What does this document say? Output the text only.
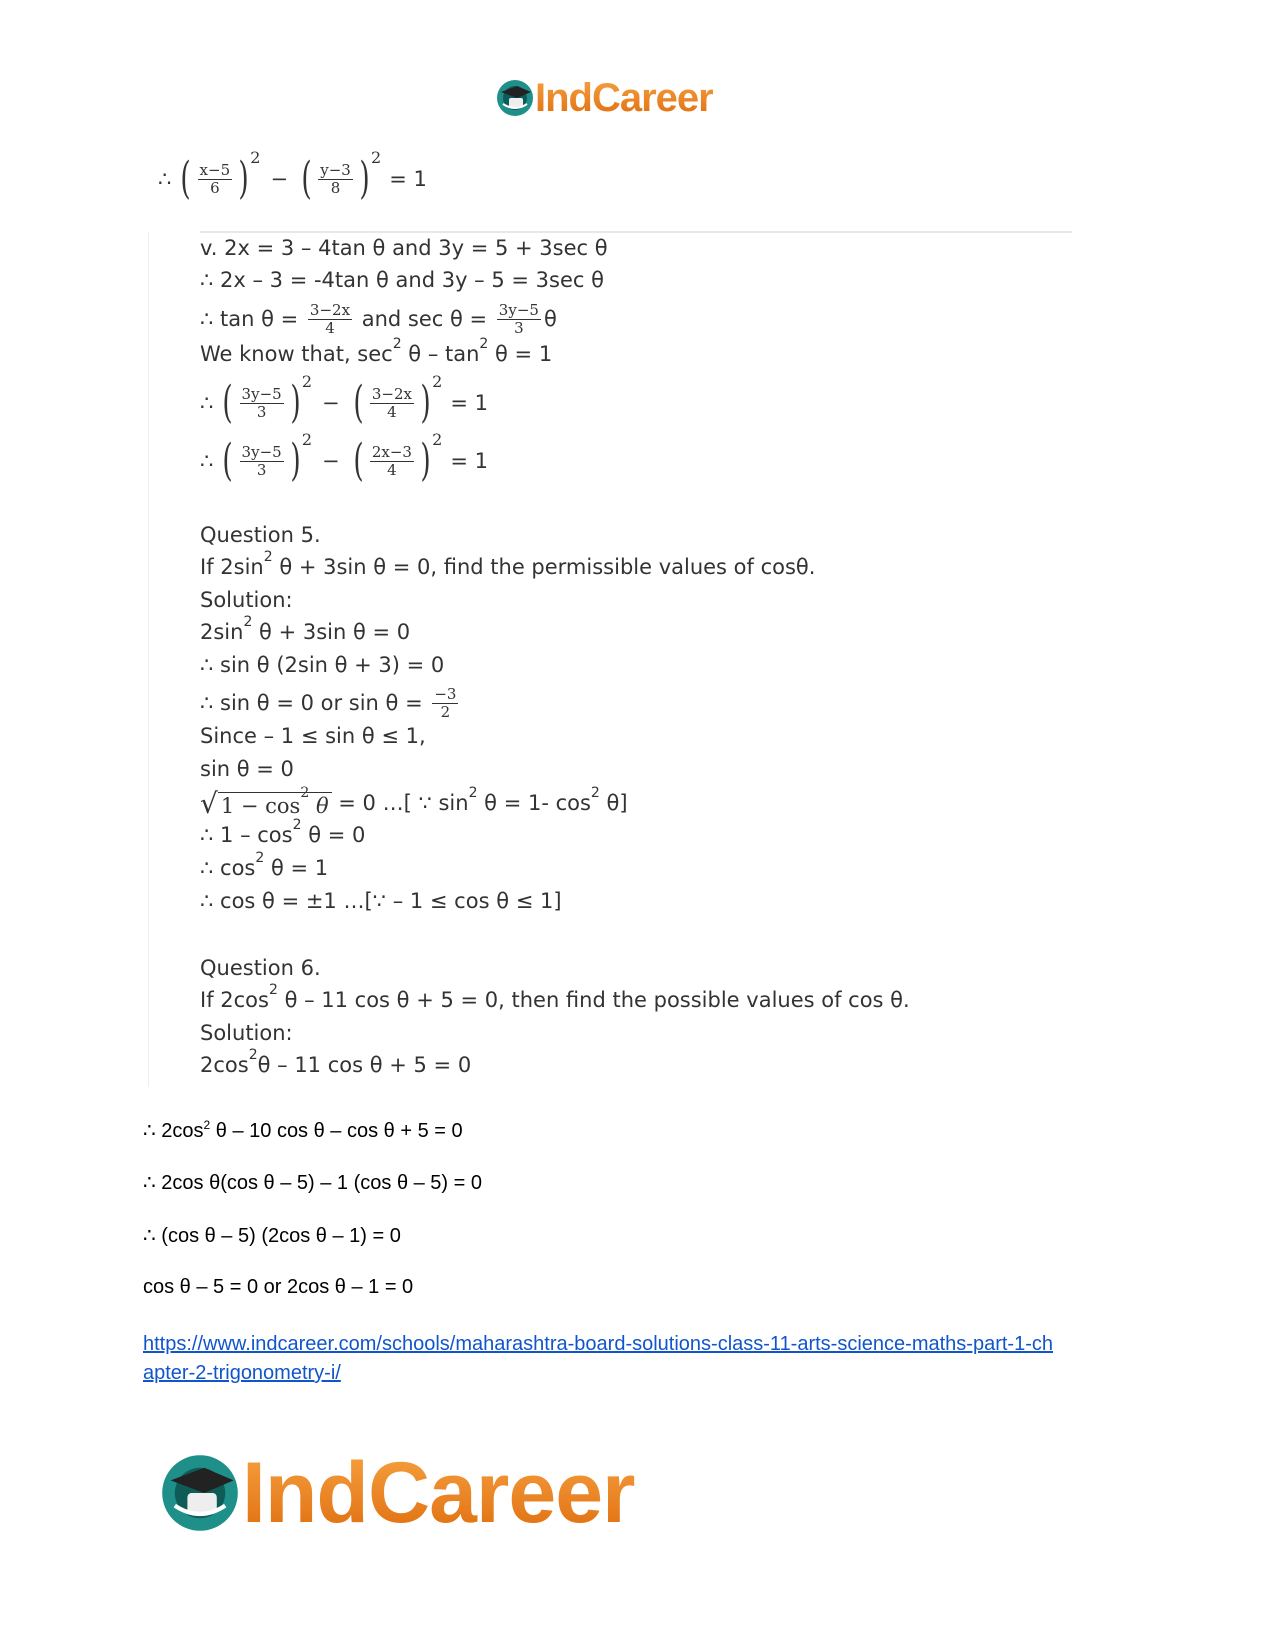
IndCareer
∴ ( $\frac{x-5}{6}$ ) 2
− ( $\frac{y-3}{8}$ ) 2
= 1
v. 2x = 3 – 4tan θ and 3y = 5 + 3sec θ
∴ 2x – 3 = -4tan θ and 3y – 5 = 3sec θ
∴ $\tan \theta = \frac{3-2x}{4}$ and $\sec \theta = \frac{3y-5}{3}$ θ
We know that, sec 2 θ – tan 2 θ = 1
∴ ( $\frac{3y-5}{3}$ ) 2
− ( $\frac{3-2x}{4}$ ) 2
= 1
∴ ( $\frac{3y-5}{3}$ ) 2
− ( $\frac{2x-3}{4}$ ) 2
= 1
Question 5.
If 2sin 2 θ + 3sin θ = 0, find the permissible values of cosθ.
Solution:
2sin 2 θ + 3sin θ = 0
∴ sin θ (2sin θ + 3) = 0
∴ sin θ = 0 or $\sin \theta = \frac{-3}{2}$
Since – 1 ≤ sin θ ≤ 1,
sin θ = 0
√ $1 - \cos^2 \theta = 0$ …[ ∵ sin 2 θ = 1- cos 2 θ]
∴ 1 – cos 2 θ = 0
∴ cos 2 θ = 1
∴ cos θ = ±1 …[∵ – 1 ≤ cos θ ≤ 1]
Question 6.
If 2cos 2 θ – 11 cos θ + 5 = 0, then find the possible values of cos θ.
Solution:
2cos 2 θ – 11 cos θ + 5 = 0
∴ $2\cos^2$ θ – 10 cos θ – cos θ + 5 = 0
∴ 2cos θ(cos θ – 5) – 1 (cos θ – 5) = 0
∴ (cos θ – 5) (2cos θ – 1) = 0
cos θ – 5 = 0 or 2cos θ – 1 = 0
https://www.indcareer.com/schools/maharashtra-board-solutions-class-11-arts-science-maths-part-1-chapter-2-trigonometry-i/
IndCareer
